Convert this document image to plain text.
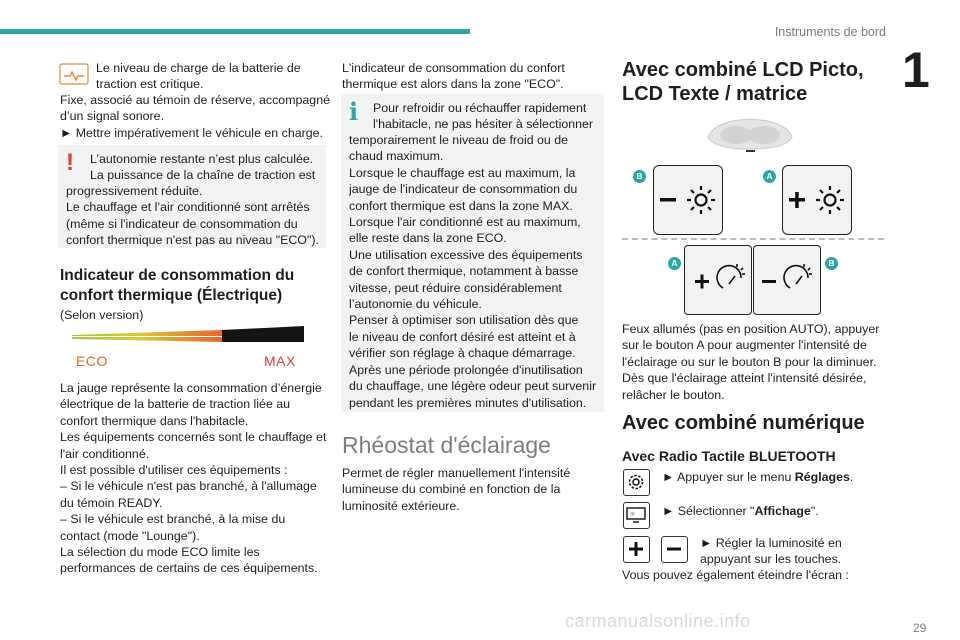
Instruments de bord
1

Le niveau de charge de la batterie de

traction est critique.

Fixe, associé au témoin de réserve, accompagné

d’un signal sonore.

► Mettre impérativement le véhicule en charge.

! L’autonomie restante n’est plus calculée.

La puissance de la chaîne de traction est

progressivement réduite.

Le chauffage et l’air conditionné sont arrêtés

(même si l'indicateur de consommation du

confort thermique n'est pas au niveau "ECO").

Indicateur de consommation du
confort thermique (Électrique)
(Selon version)
ECO	MAX

La jauge représente la consommation d’énergie

électrique de la batterie de traction liée au

confort thermique dans l'habitacle.

Les équipements concernés sont le chauffage et

l'air conditionné.

Il est possible d'utiliser ces équipements :

– Si le véhicule n'est pas branché, à l'allumage

du témoin READY.

– Si le véhicule est branché, à la mise du

contact (mode "Lounge").

La sélection du mode ECO limite les

performances de certains de ces équipements.

L'indicateur de consommation du confort

thermique est alors dans la zone "ECO".

i Pour refroidir ou réchauffer rapidement

l'habitacle, ne pas hésiter à sélectionner

temporairement le niveau de froid ou de

chaud maximum.

Lorsque le chauffage est au maximum, la

jauge de l'indicateur de consommation du

confort thermique est dans la zone MAX.

Lorsque l'air conditionné est au maximum,

elle reste dans la zone ECO.

Une utilisation excessive des équipements

de confort thermique, notamment à basse

vitesse, peut réduire considérablement

l’autonomie du véhicule.

Penser à optimiser son utilisation dès que

le niveau de confort désiré est atteint et à

vérifier son réglage à chaque démarrage.

Après une période prolongée d'inutilisation

du chauffage, une légère odeur peut survenir

pendant les premières minutes d'utilisation.

Rhéostat d'éclairage

Permet de régler manuellement l'intensité

lumineuse du combiné en fonction de la

luminosité extérieure.

Avec combiné LCD Picto,
LCD Texte / matrice
B	A
A	B

Feux allumés (pas en position AUTO), appuyer

sur le bouton A pour augmenter l'intensité de

l'éclairage ou sur le bouton B pour la diminuer.

Dès que l'éclairage atteint l'intensité désirée,

relâcher le bouton.

Avec combiné numérique
Avec Radio Tactile BLUETOOTH
► Appuyer sur le menu Réglages.
☼ ► Sélectionner "Affichage".

► Régler la luminosité en

appuyant sur les touches.

Vous pouvez également éteindre l'écran :
carmanualsonline.info	29
